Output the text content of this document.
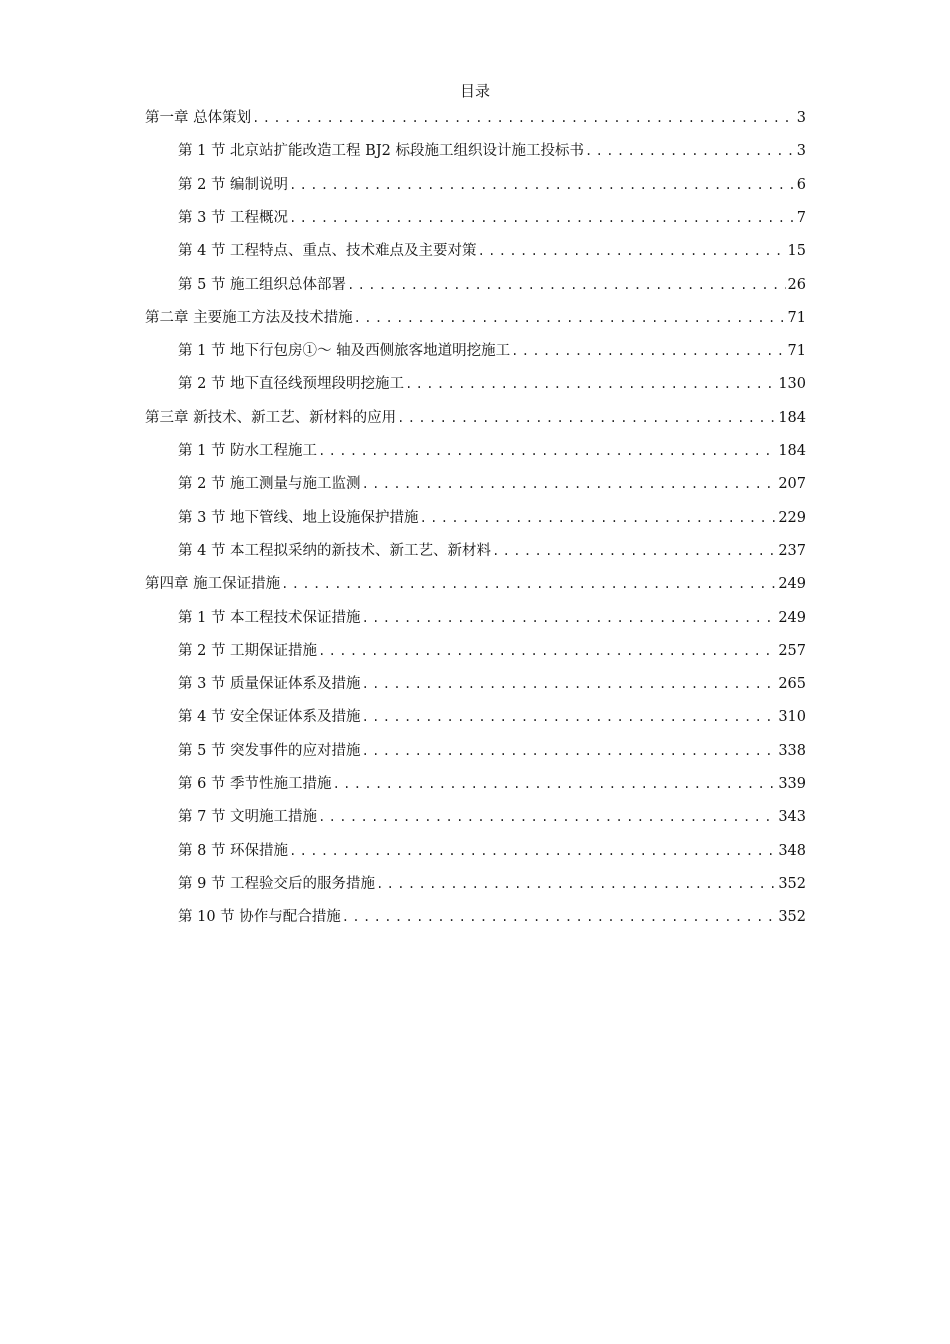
目录
第一章 总体策划 .....	3
第 1 节 北京站扩能改造工程 BJ2 标段施工组织设计施工投标书 .....	3
第 2 节 编制说明 .....	6
第 3 节 工程概况 .....	7
第 4 节 工程特点、重点、技术难点及主要对策 .....	15
第 5 节 施工组织总体部署 .....	26
第二章 主要施工方法及技术措施 .....	71
第 1 节 地下行包房①～ 轴及西侧旅客地道明挖施工 .....	71
第 2 节 地下直径线预埋段明挖施工 .....	130
第三章 新技术、新工艺、新材料的应用 .....	184
第 1 节 防水工程施工 .....	184
第 2 节 施工测量与施工监测 .....	207
第 3 节 地下管线、地上设施保护措施 .....	229
第 4 节 本工程拟采纳的新技术、新工艺、新材料 .....	237
第四章 施工保证措施 .....	249
第 1 节 本工程技术保证措施 .....	249
第 2 节 工期保证措施 .....	257
第 3 节 质量保证体系及措施 .....	265
第 4 节 安全保证体系及措施 .....	310
第 5 节 突发事件的应对措施 .....	338
第 6 节 季节性施工措施 .....	339
第 7 节 文明施工措施 .....	343
第 8 节 环保措施 .....	348
第 9 节 工程验交后的服务措施 .....	352
第 10 节 协作与配合措施 .....	352
